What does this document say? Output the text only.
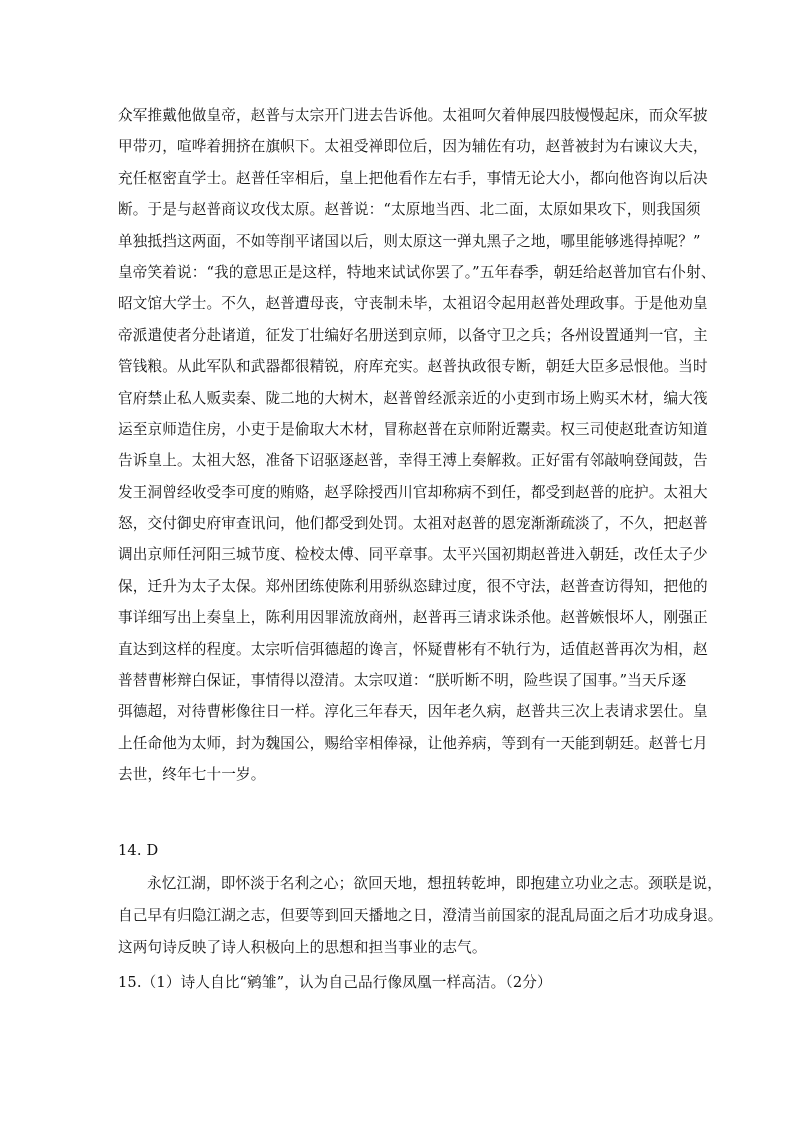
众军推戴他做皇帝，赵普与太宗开门进去告诉他。太祖呵欠着伸展四肢慢慢起床，而众军披
甲带刃，喧哗着拥挤在旗帜下。太祖受禅即位后，因为辅佐有功，赵普被封为右谏议大夫，
充任枢密直学士。赵普任宰相后，皇上把他看作左右手，事情无论大小，都向他咨询以后决
断。于是与赵普商议攻伐太原。赵普说：“太原地当西、北二面，太原如果攻下，则我国须
单独抵挡这两面，不如等削平诸国以后，则太原这一弹丸黑子之地，哪里能够逃得掉呢？”
皇帝笑着说：“我的意思正是这样，特地来试试你罢了。”五年春季，朝廷给赵普加官右仆射、
昭文馆大学士。不久，赵普遭母丧，守丧制未毕，太祖诏令起用赵普处理政事。于是他劝皇
帝派遣使者分赴诸道，征发丁壮编好名册送到京师，以备守卫之兵；各州设置通判一官，主
管钱粮。从此军队和武器都很精锐，府库充实。赵普执政很专断，朝廷大臣多忌恨他。当时
官府禁止私人贩卖秦、陇二地的大树木，赵普曾经派亲近的小吏到市场上购买木材，编大筏
运至京师造住房，小吏于是偷取大木材，冒称赵普在京师附近鬻卖。权三司使赵玭查访知道
告诉皇上。太祖大怒，准备下诏驱逐赵普，幸得王溥上奏解救。正好雷有邻敲响登闻鼓，告
发王洞曾经收受李可度的贿赂，赵孚除授西川官却称病不到任，都受到赵普的庇护。太祖大
怒，交付御史府审查讯问，他们都受到处罚。太祖对赵普的恩宠渐渐疏淡了，不久，把赵普
调出京师任河阳三城节度、检校太傅、同平章事。太平兴国初期赵普进入朝廷，改任太子少
保，迁升为太子太保。郑州团练使陈利用骄纵恣肆过度，很不守法，赵普查访得知，把他的
事详细写出上奏皇上，陈利用因罪流放商州，赵普再三请求诛杀他。赵普嫉恨坏人，刚强正
直达到这样的程度。太宗听信弭德超的谗言，怀疑曹彬有不轨行为，适值赵普再次为相，赵
普替曹彬辩白保证，事情得以澄清。太宗叹道：“朕听断不明，险些误了国事。”当天斥逐
弭德超，对待曹彬像往日一样。淳化三年春天，因年老久病，赵普共三次上表请求罢仕。皇
上任命他为太师，封为魏国公，赐给宰相俸禄，让他养病，等到有一天能到朝廷。赵普七月
去世，终年七十一岁。
14. D
永忆江湖，即怀淡于名利之心；欲回天地，想扭转乾坤，即抱建立功业之志。颈联是说，
自己早有归隐江湖之志，但要等到回天播地之日，澄清当前国家的混乱局面之后才功成身退。
这两句诗反映了诗人积极向上的思想和担当事业的志气。
15.（1）诗人自比“鹓雏”，认为自己品行像凤凰一样高洁。（2分）
